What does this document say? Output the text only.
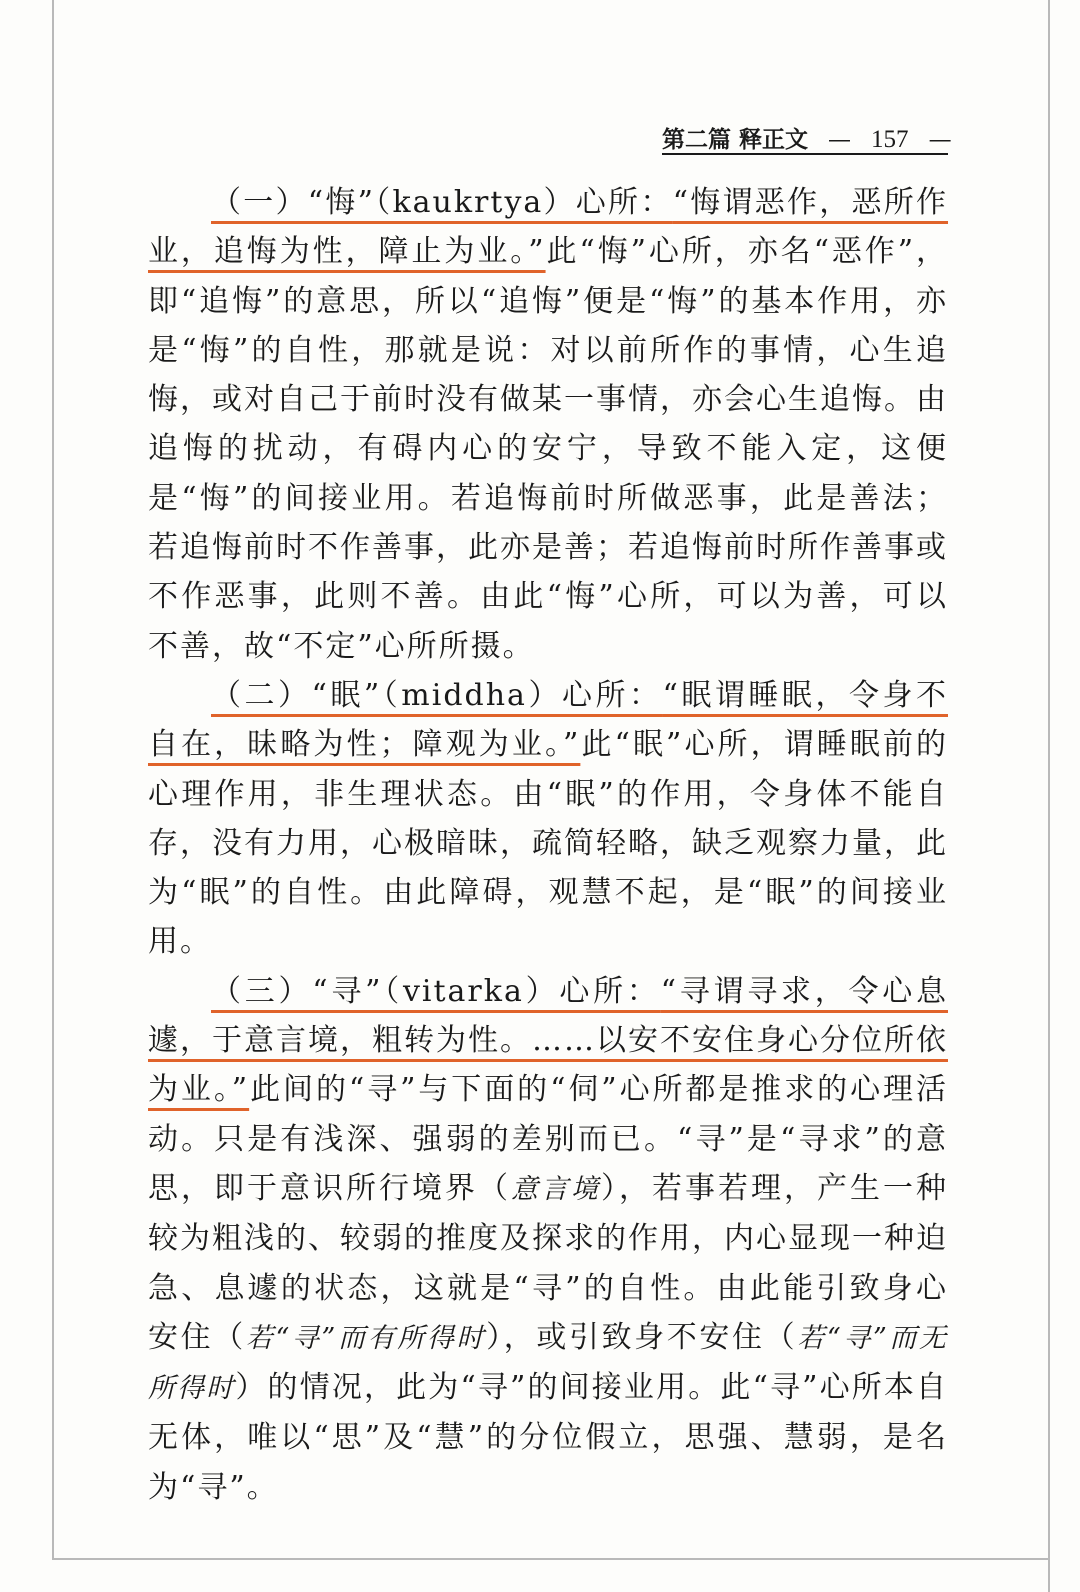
第二篇 释正文 — 157 —

（一）“悔”（kaukrtya）心所：“悔谓恶作，恶所作业，追悔为性，障止为业。”此“悔”心所，亦名“恶作”，即“追悔”的意思，所以“追悔”便是“悔”的基本作用，亦是“悔”的自性，那就是说：对以前所作的事情，心生追悔，或对自己于前时没有做某一事情，亦会心生追悔。由追悔的扰动，有碍内心的安宁，导致不能入定，这便是“悔”的间接业用。若追悔前时所做恶事，此是善法；若追悔前时不作善事，此亦是善；若追悔前时所作善事或不作恶事，此则不善。由此“悔”心所，可以为善，可以不善，故“不定”心所所摄。

（二）“眠”（middha）心所：“眠谓睡眠，令身不自在，昧略为性；障观为业。”此“眠”心所，谓睡眠前的心理作用，非生理状态。由“眠”的作用，令身体不能自存，没有力用，心极暗昧，疏简轻略，缺乏观察力量，此为“眠”的自性。由此障碍，观慧不起，是“眠”的间接业用。

（三）“寻”（vitarka）心所：“寻谓寻求，令心息遽，于意言境，粗转为性。……以安不安住身心分位所依为业。”此间的“寻”与下面的“伺”心所都是推求的心理活动。只是有浅深、强弱的差别而已。“寻”是“寻求”的意思，即于意识所行境界（意言境），若事若理，产生一种较为粗浅的、较弱的推度及探求的作用，内心显现一种迫急、息遽的状态，这就是“寻”的自性。由此能引致身心安住（若“寻”而有所得时），或引致身不安住（若“寻”而无所得时）的情况，此为“寻”的间接业用。此“寻”心所本自无体，唯以“思”及“慧”的分位假立，思强、慧弱，是名为“寻”。
